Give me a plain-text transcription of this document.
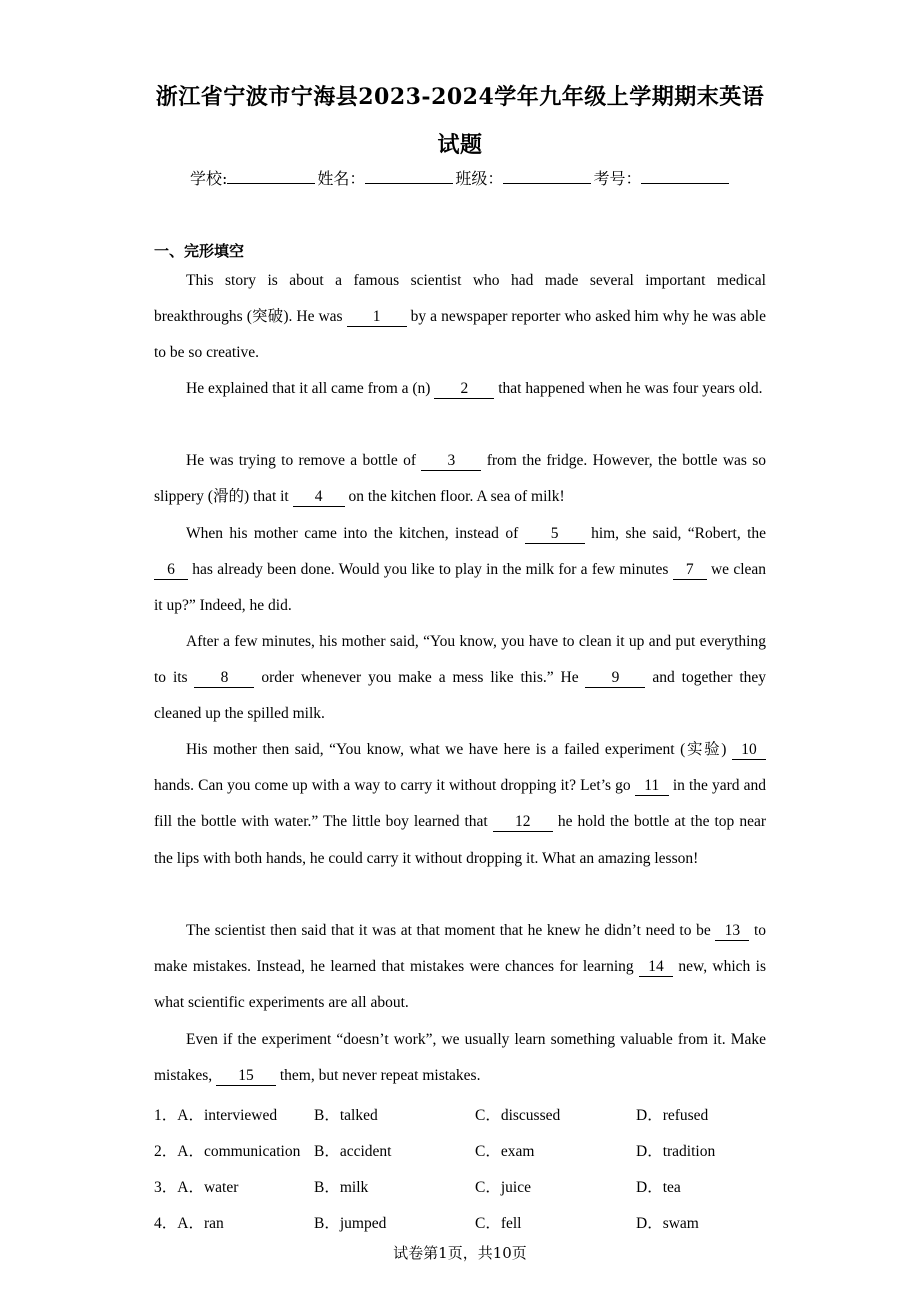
浙江省宁波市宁海县2023-2024学年九年级上学期期末英语
试题
学校:	姓名：	班级：	考号：
一、完形填空

This story is about a famous scientist who had made several important medical breakthroughs (突破). He was 1 by a newspaper reporter who asked him why he was able to be so creative.

He explained that it all came from a (n) 2 that happened when he was four years old.

He was trying to remove a bottle of 3 from the fridge. However, the bottle was so slippery (滑的) that it 4 on the kitchen floor. A sea of milk!

When his mother came into the kitchen, instead of 5 him, she said, “Robert, the 6 has already been done. Would you like to play in the milk for a few minutes 7 we clean it up?” Indeed, he did.

After a few minutes, his mother said, “You know, you have to clean it up and put everything to its 8 order whenever you make a mess like this.” He 9 and together they cleaned up the spilled milk.

His mother then said, “You know, what we have here is a failed experiment (实验) 10 hands. Can you come up with a way to carry it without dropping it? Let’s go 11 in the yard and fill the bottle with water.” The little boy learned that 12 he hold the bottle at the top near the lips with both hands, he could carry it without dropping it. What an amazing lesson!

The scientist then said that it was at that moment that he knew he didn’t need to be 13 to make mistakes. Instead, he learned that mistakes were chances for learning 14 new, which is what scientific experiments are all about.

Even if the experiment “doesn’t work”, we usually learn something valuable from it. Make mistakes, 15 them, but never repeat mistakes.

1．A．interviewed B．talked	C．discussed	D．refused
2．A．communication B．accident	C．exam	D．tradition
3．A．water	B．milk	C．juice	D．tea
4．A．ran	B．jumped	C．fell	D．swam
试卷第1页，共10页
